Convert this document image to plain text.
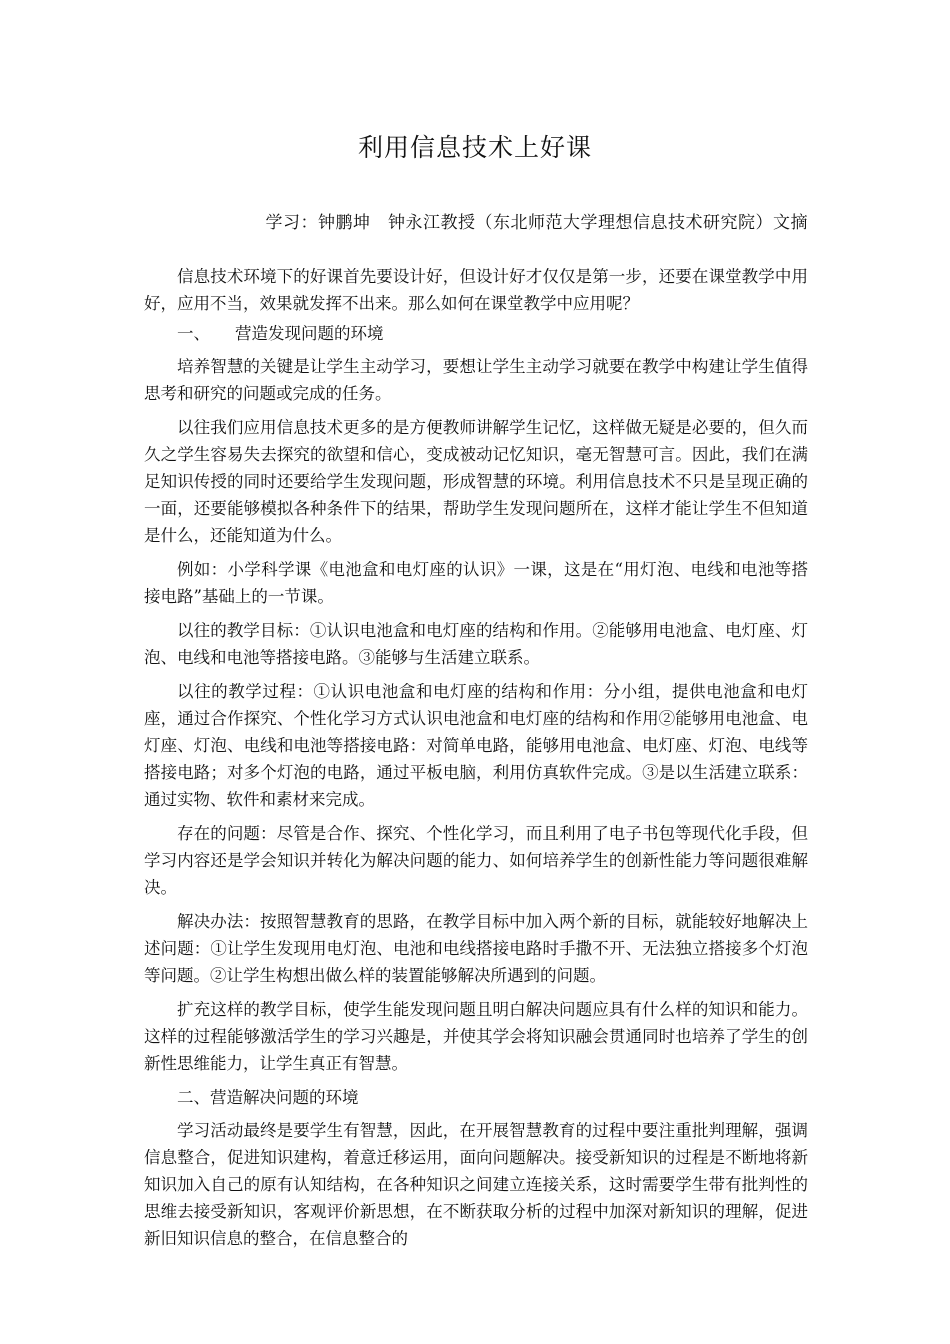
利用信息技术上好课
学习：钟鹏坤　钟永江教授（东北师范大学理想信息技术研究院）文摘

信息技术环境下的好课首先要设计好，但设计好才仅仅是第一步，还要在课堂教学中用好，应用不当，效果就发挥不出来。那么如何在课堂教学中应用呢？

一、 营造发现问题的环境

培养智慧的关键是让学生主动学习，要想让学生主动学习就要在教学中构建让学生值得思考和研究的问题或完成的任务。

以往我们应用信息技术更多的是方便教师讲解学生记忆，这样做无疑是必要的，但久而久之学生容易失去探究的欲望和信心，变成被动记忆知识，毫无智慧可言。因此，我们在满足知识传授的同时还要给学生发现问题，形成智慧的环境。利用信息技术不只是呈现正确的一面，还要能够模拟各种条件下的结果，帮助学生发现问题所在，这样才能让学生不但知道是什么，还能知道为什么。

例如：小学科学课《电池盒和电灯座的认识》一课，这是在“用灯泡、电线和电池等搭接电路”基础上的一节课。

以往的教学目标：①认识电池盒和电灯座的结构和作用。②能够用电池盒、电灯座、灯泡、电线和电池等搭接电路。③能够与生活建立联系。

以往的教学过程：①认识电池盒和电灯座的结构和作用：分小组，提供电池盒和电灯座，通过合作探究、个性化学习方式认识电池盒和电灯座的结构和作用②能够用电池盒、电灯座、灯泡、电线和电池等搭接电路：对简单电路，能够用电池盒、电灯座、灯泡、电线等搭接电路；对多个灯泡的电路，通过平板电脑，利用仿真软件完成。③是以生活建立联系：通过实物、软件和素材来完成。

存在的问题：尽管是合作、探究、个性化学习，而且利用了电子书包等现代化手段，但学习内容还是学会知识并转化为解决问题的能力、如何培养学生的创新性能力等问题很难解决。

解决办法：按照智慧教育的思路，在教学目标中加入两个新的目标，就能较好地解决上述问题：①让学生发现用电灯泡、电池和电线搭接电路时手撒不开、无法独立搭接多个灯泡等问题。②让学生构想出做么样的装置能够解决所遇到的问题。

扩充这样的教学目标，使学生能发现问题且明白解决问题应具有什么样的知识和能力。这样的过程能够激活学生的学习兴趣是，并使其学会将知识融会贯通同时也培养了学生的创新性思维能力，让学生真正有智慧。

二、营造解决问题的环境

学习活动最终是要学生有智慧，因此，在开展智慧教育的过程中要注重批判理解，强调信息整合，促进知识建构，着意迁移运用，面向问题解决。接受新知识的过程是不断地将新知识加入自己的原有认知结构，在各种知识之间建立连接关系，这时需要学生带有批判性的思维去接受新知识，客观评价新思想，在不断获取分析的过程中加深对新知识的理解，促进新旧知识信息的整合，在信息整合的
